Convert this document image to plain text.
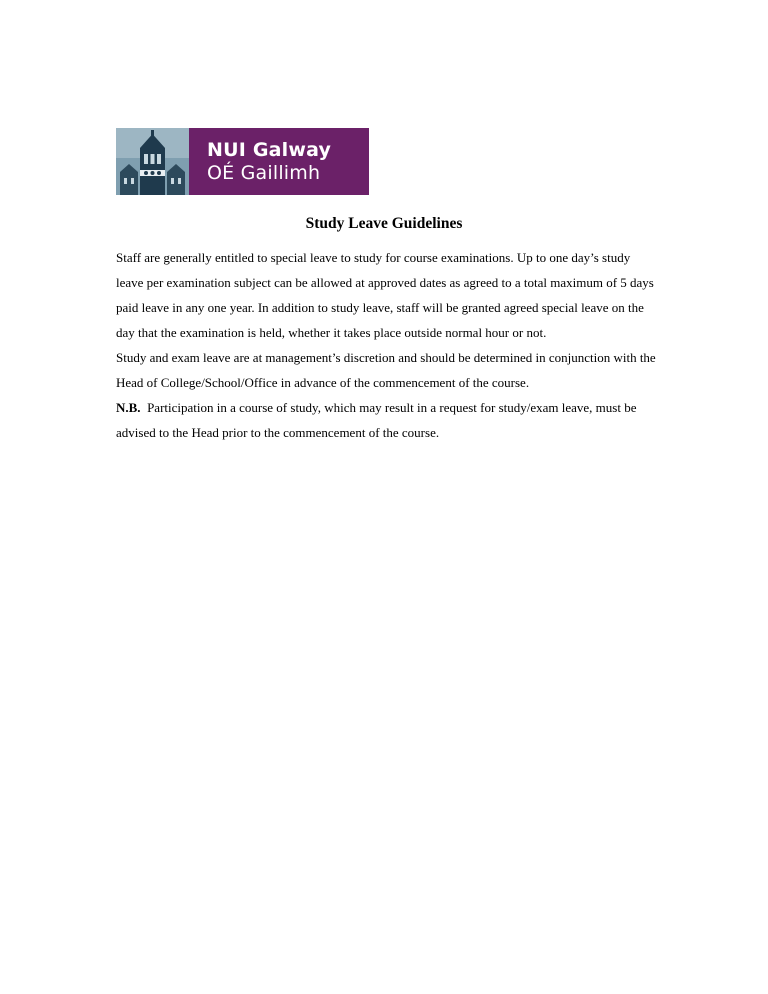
NUI Galway
OÉ Gaillimh
Study Leave Guidelines

Staff are generally entitled to special leave to study for course examinations. Up to one day’s study leave per examination subject can be allowed at approved dates as agreed to a total maximum of 5 days paid leave in any one year. In addition to study leave, staff will be granted agreed special leave on the day that the examination is held, whether it takes place outside normal hour or not.

Study and exam leave are at management’s discretion and should be determined in conjunction with the Head of College/School/Office in advance of the commencement of the course.

N.B.  Participation in a course of study, which may result in a request for study/exam leave, must be advised to the Head prior to the commencement of the course.
